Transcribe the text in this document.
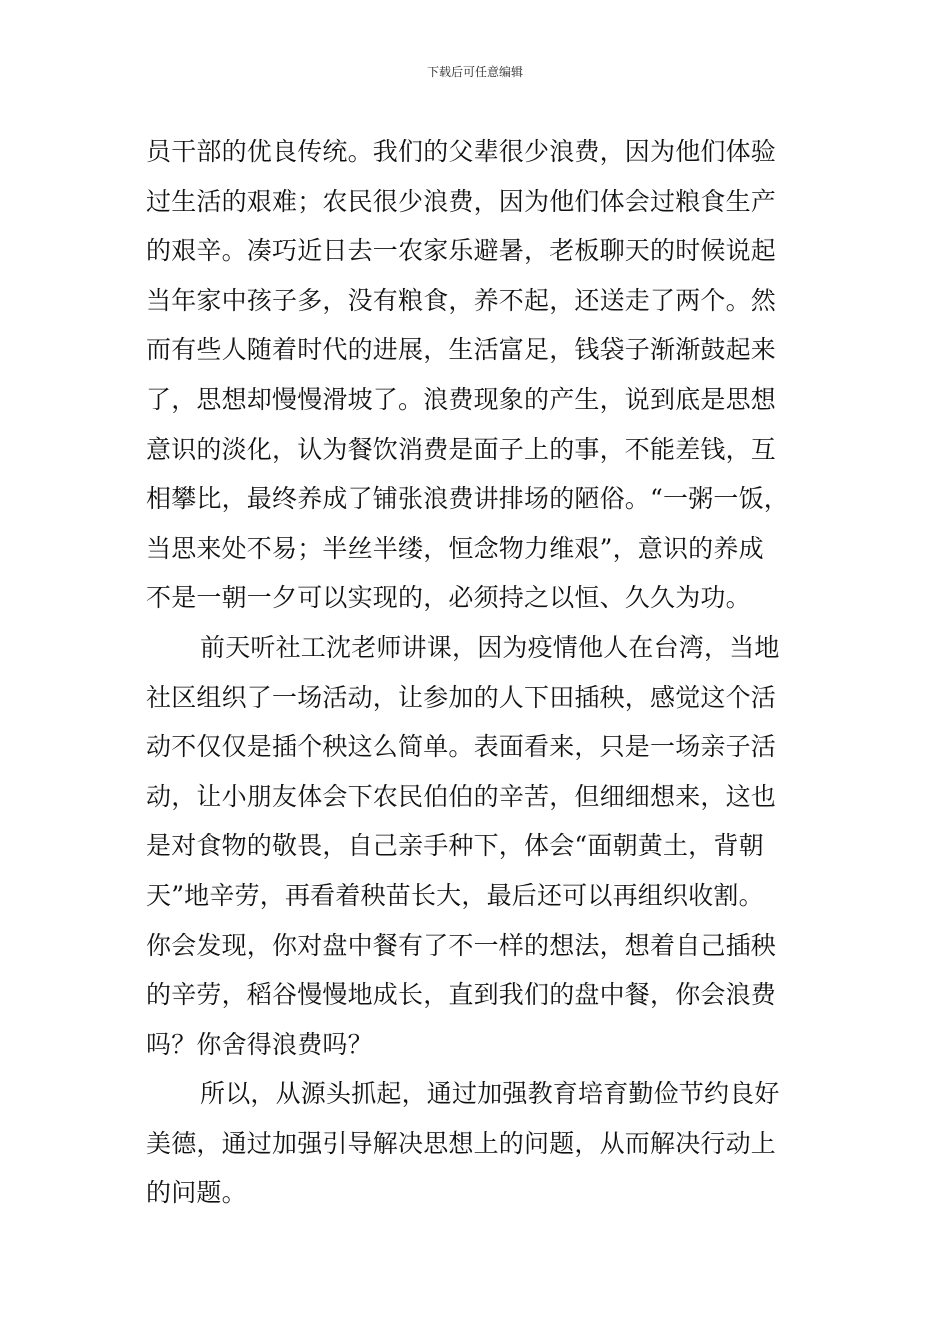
下载后可任意编辑
员干部的优良传统。我们的父辈很少浪费，因为他们体验
过生活的艰难；农民很少浪费，因为他们体会过粮食生产
的艰辛。凑巧近日去一农家乐避暑，老板聊天的时候说起
当年家中孩子多，没有粮食，养不起，还送走了两个。然
而有些人随着时代的进展，生活富足，钱袋子渐渐鼓起来
了，思想却慢慢滑坡了。浪费现象的产生，说到底是思想
意识的淡化，认为餐饮消费是面子上的事，不能差钱，互
相攀比，最终养成了铺张浪费讲排场的陋俗。“一粥一饭，
当思来处不易；半丝半缕，恒念物力维艰”，意识的养成
不是一朝一夕可以实现的，必须持之以恒、久久为功。
前天听社工沈老师讲课，因为疫情他人在台湾，当地
社区组织了一场活动，让参加的人下田插秧，感觉这个活
动不仅仅是插个秧这么简单。表面看来，只是一场亲子活
动，让小朋友体会下农民伯伯的辛苦，但细细想来，这也
是对食物的敬畏，自己亲手种下，体会“面朝黄土，背朝
天”地辛劳，再看着秧苗长大，最后还可以再组织收割。
你会发现，你对盘中餐有了不一样的想法，想着自己插秧
的辛劳，稻谷慢慢地成长，直到我们的盘中餐，你会浪费
吗？你舍得浪费吗？
所以，从源头抓起，通过加强教育培育勤俭节约良好
美德，通过加强引导解决思想上的问题，从而解决行动上
的问题。
